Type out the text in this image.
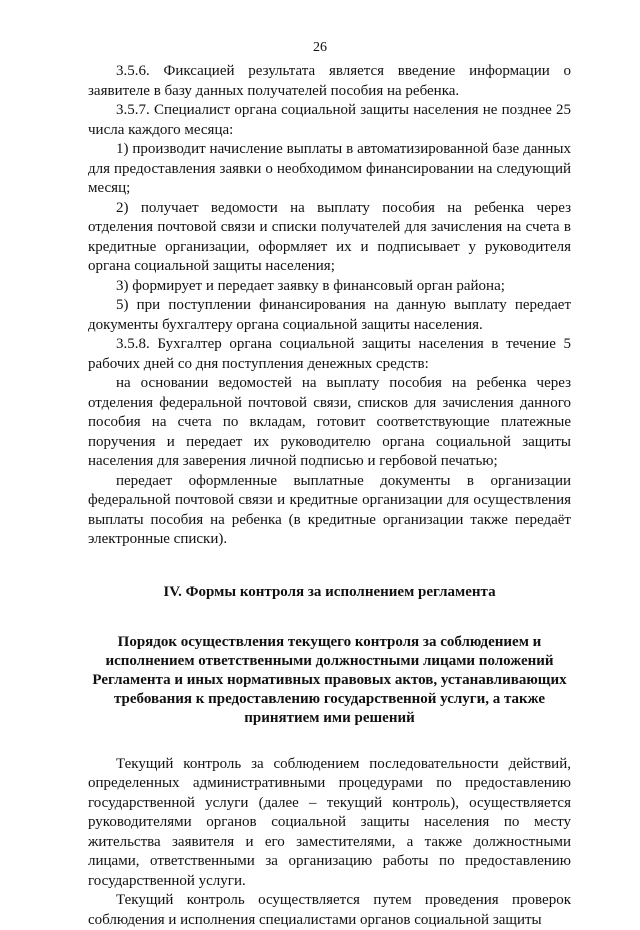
26

3.5.6. Фиксацией результата является введение информации о заявителе в базу данных получателей пособия на ребенка.

3.5.7. Специалист органа социальной защиты населения не позднее 25 числа каждого месяца:

1) производит начисление выплаты в автоматизированной базе данных для предоставления заявки о необходимом финансировании на следующий месяц;

2) получает ведомости на выплату пособия на ребенка через отделения почтовой связи и списки получателей для зачисления на счета в кредитные организации, оформляет их и подписывает у руководителя органа социальной защиты населения;

3) формирует и передает заявку в финансовый орган района;

5) при поступлении финансирования на данную выплату передает документы бухгалтеру органа социальной защиты населения.

3.5.8. Бухгалтер органа социальной защиты населения в течение 5 рабочих дней со дня поступления денежных средств:

на основании ведомостей на выплату пособия на ребенка через отделения федеральной почтовой связи, списков для зачисления данного пособия на счета по вкладам, готовит соответствующие платежные поручения и передает их руководителю органа социальной защиты населения для заверения личной подписью и гербовой печатью;

передает оформленные выплатные документы в организации федеральной почтовой связи и кредитные организации для осуществления выплаты пособия на ребенка (в кредитные организации также передаёт электронные списки).

IV. Формы контроля за исполнением регламента

Порядок осуществления текущего контроля за соблюдением и исполнением ответственными должностными лицами положений Регламента и иных нормативных правовых актов, устанавливающих требования к предоставлению государственной услуги, а также принятием ими решений

Текущий контроль за соблюдением последовательности действий, определенных административными процедурами по предоставлению государственной услуги (далее – текущий контроль), осуществляется руководителями органов социальной защиты населения по месту жительства заявителя и его заместителями, а также должностными лицами, ответственными за организацию работы по предоставлению государственной услуги.

Текущий контроль осуществляется путем проведения проверок соблюдения и исполнения специалистами органов социальной защиты
